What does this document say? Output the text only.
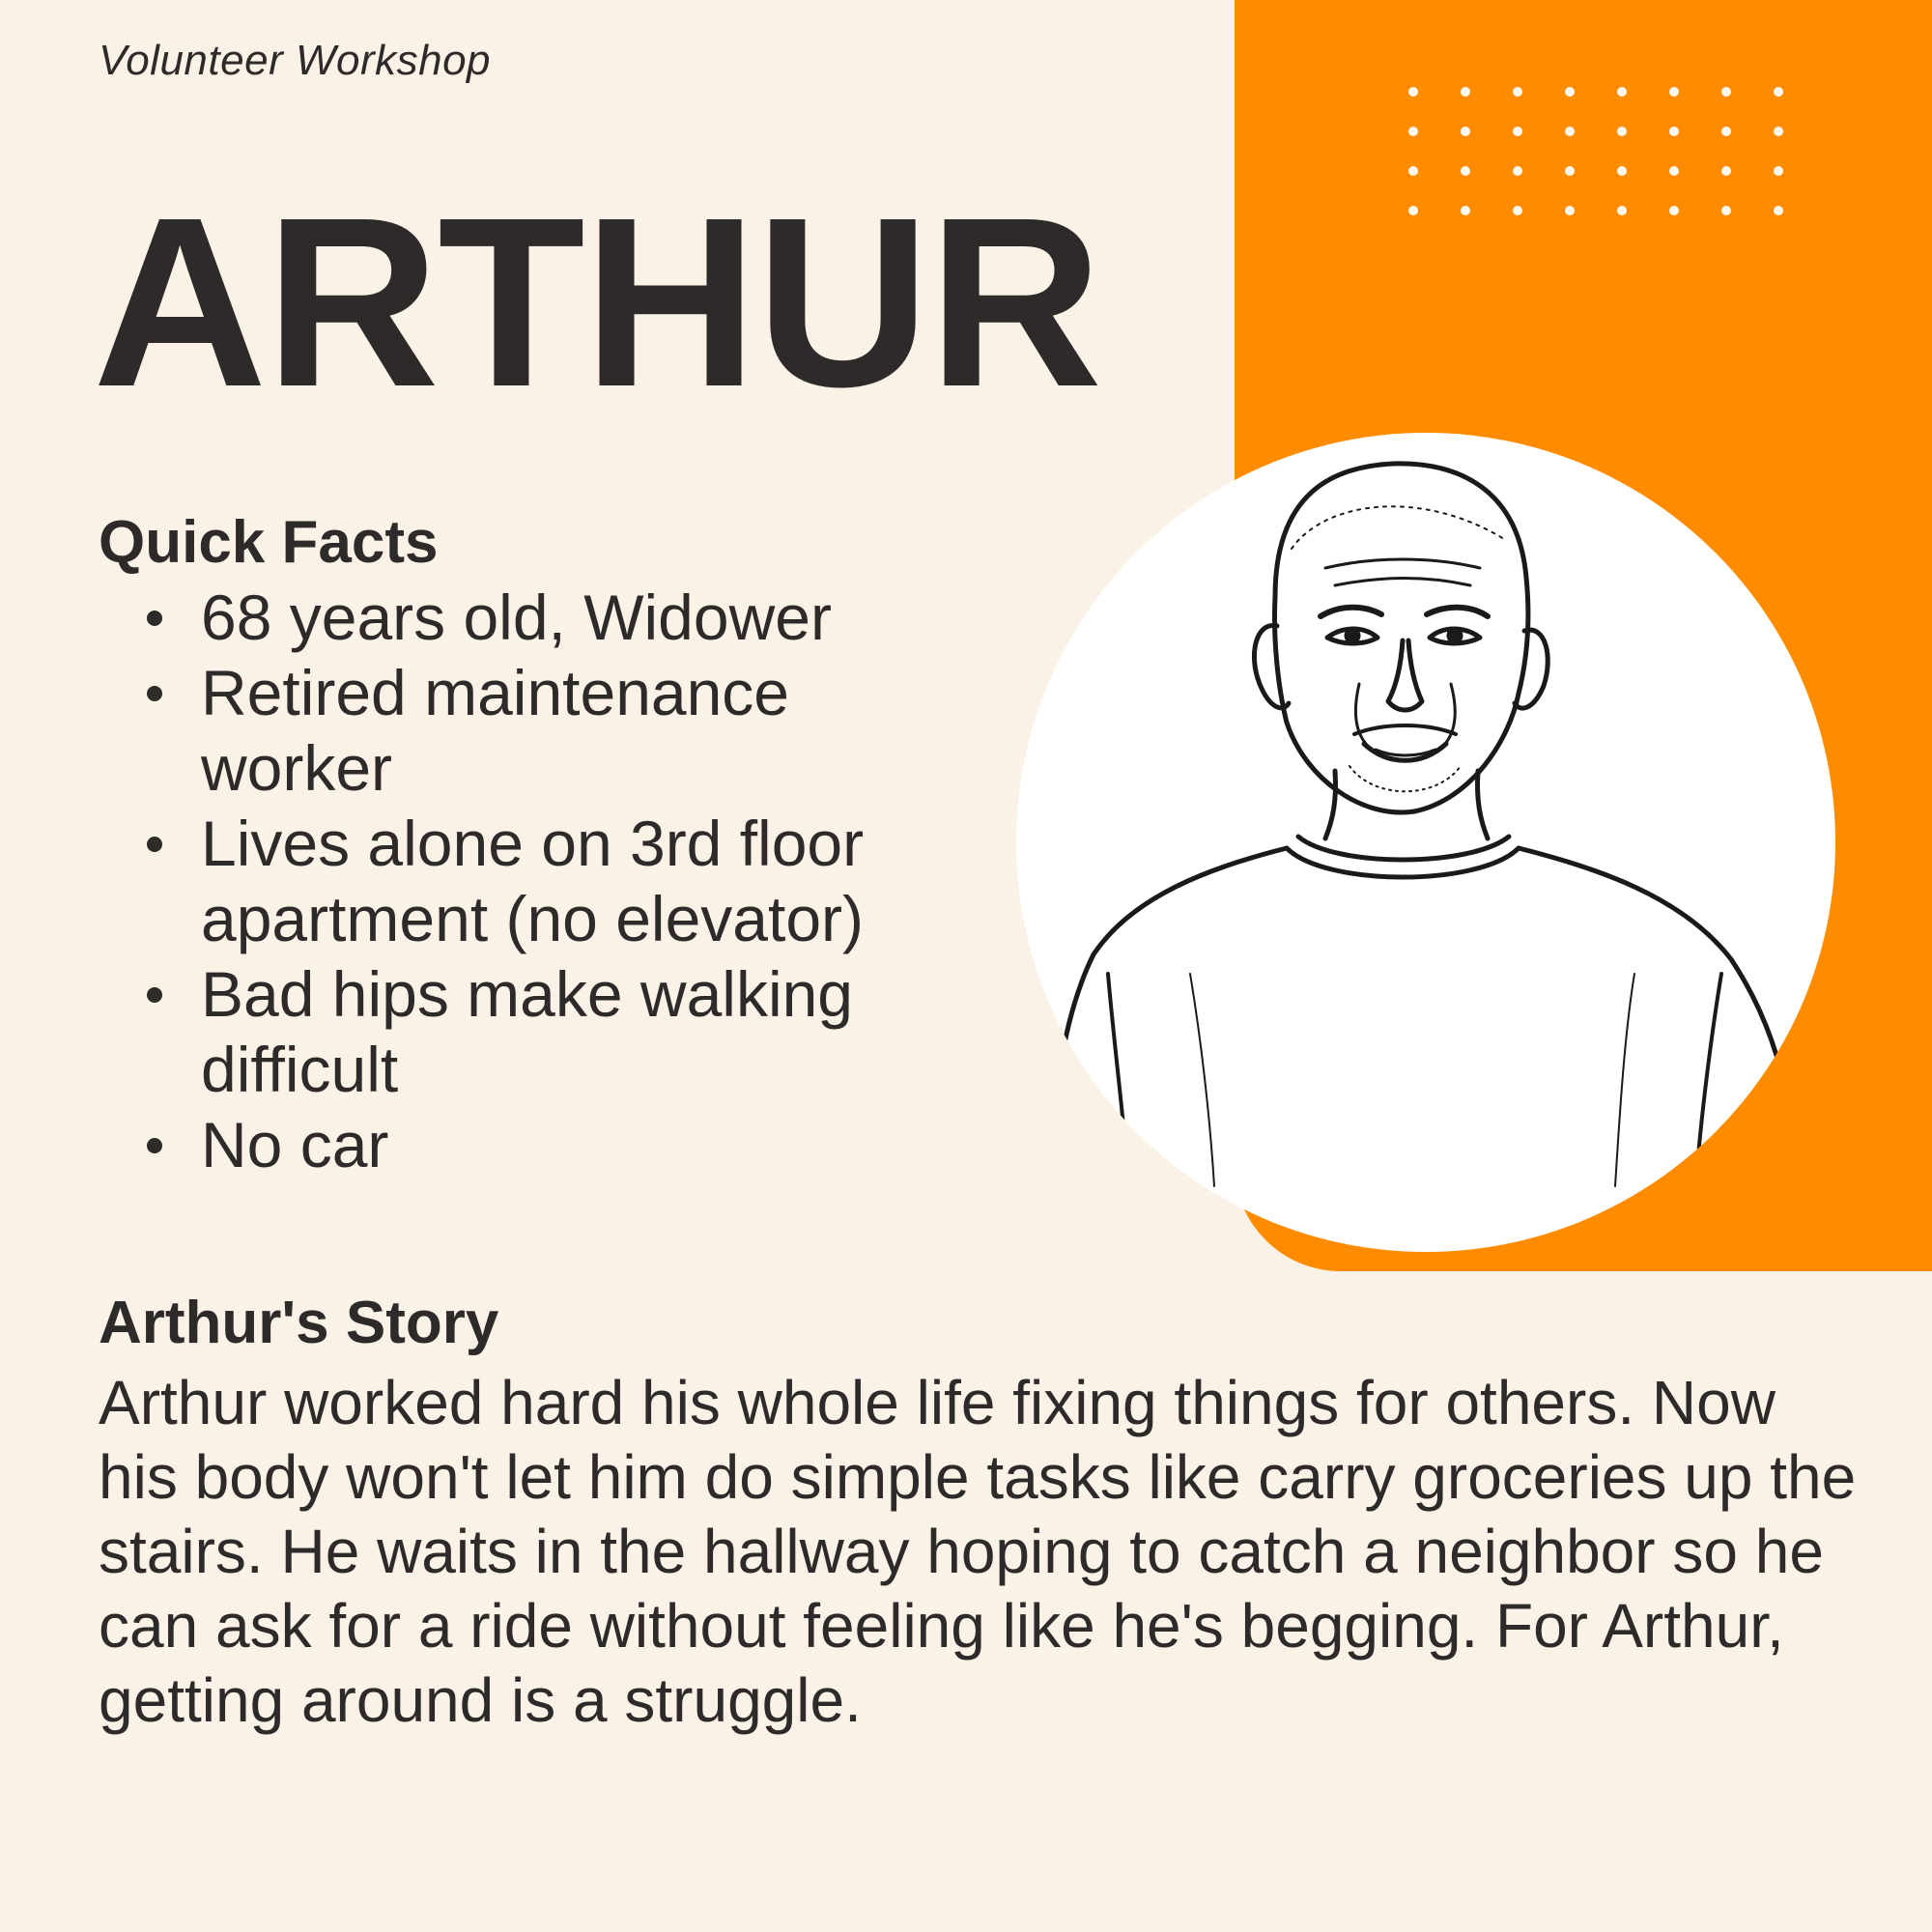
Volunteer Workshop

ARTHUR
Quick Facts
68 years old, Widower
Retired maintenance worker
Lives alone on 3rd floor apartment (no elevator)
Bad hips make walking difficult
No car
Arthur's Story

Arthur worked hard his whole life fixing things for others. Now his body won't let him do simple tasks like carry groceries up the stairs. He waits in the hallway hoping to catch a neighbor so he can ask for a ride without feeling like he's begging. For Arthur, getting around is a struggle.
